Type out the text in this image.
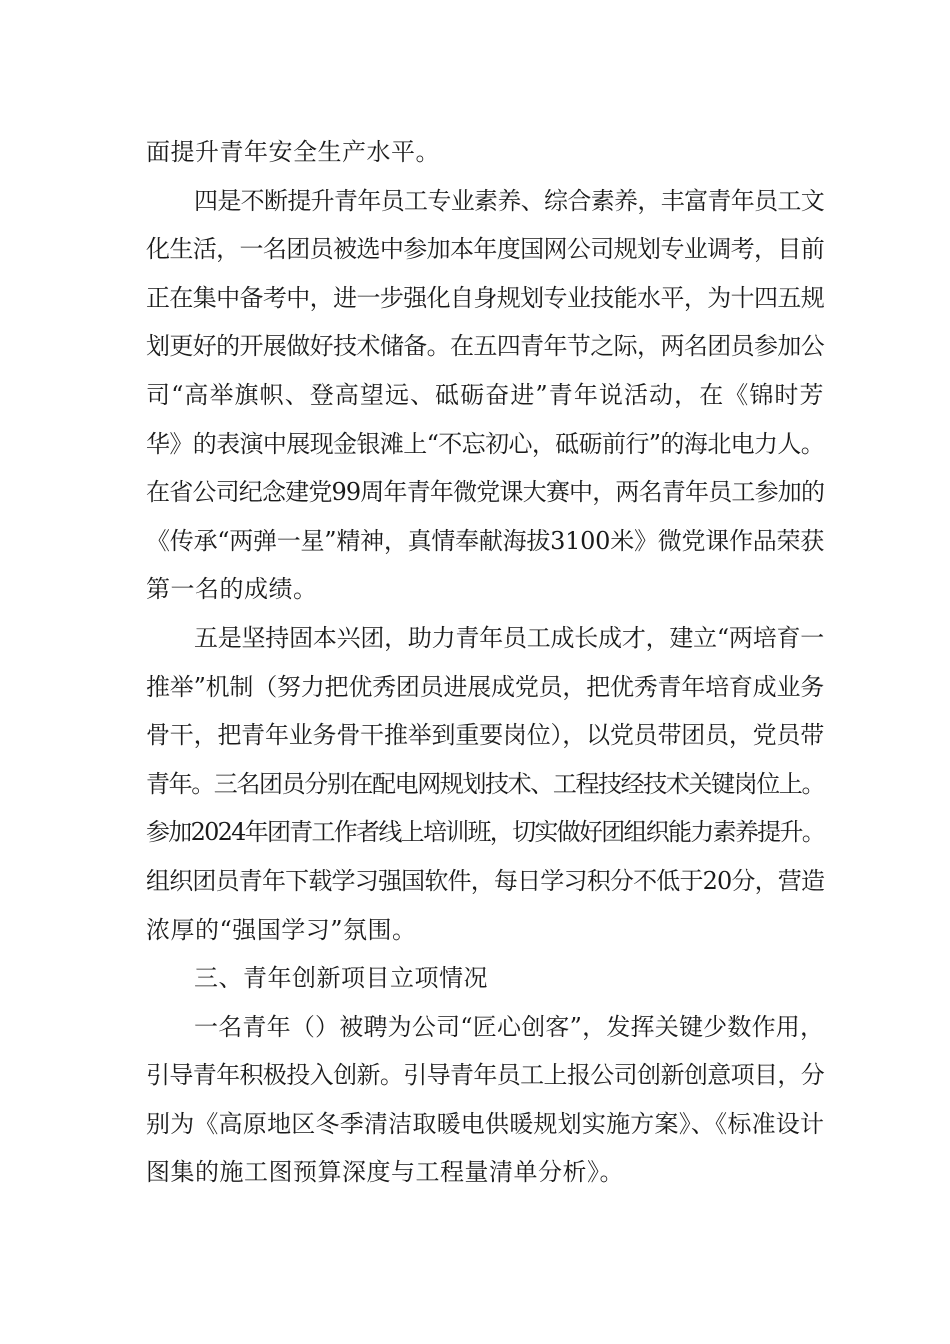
面提升青年安全生产水平。
四是不断提升青年员工专业素养、综合素养，丰富青年员工文
化生活，一名团员被选中参加本年度国网公司规划专业调考，目前
正在集中备考中，进一步强化自身规划专业技能水平，为十四五规
划更好的开展做好技术储备。在五四青年节之际，两名团员参加公
司“高举旗帜、登高望远、砥砺奋进”青年说活动，在《锦时芳
华》的表演中展现金银滩上“不忘初心，砥砺前行”的海北电力人。
在省公司纪念建党99周年青年微党课大赛中，两名青年员工参加的
《传承“两弹一星”精神，真情奉献海拔3100米》微党课作品荣获
第一名的成绩。
五是坚持固本兴团，助力青年员工成长成才，建立“两培育一
推举”机制（努力把优秀团员进展成党员，把优秀青年培育成业务
骨干，把青年业务骨干推举到重要岗位），以党员带团员，党员带
青年。三名团员分别在配电网规划技术、工程技经技术关键岗位上。
参加2024年团青工作者线上培训班，切实做好团组织能力素养提升。
组织团员青年下载学习强国软件，每日学习积分不低于20分，营造
浓厚的“强国学习”氛围。
三、青年创新项目立项情况
一名青年（）被聘为公司“匠心创客”，发挥关键少数作用，
引导青年积极投入创新。引导青年员工上报公司创新创意项目，分
别为《高原地区冬季清洁取暖电供暖规划实施方案》、《标准设计
图集的施工图预算深度与工程量清单分析》。
